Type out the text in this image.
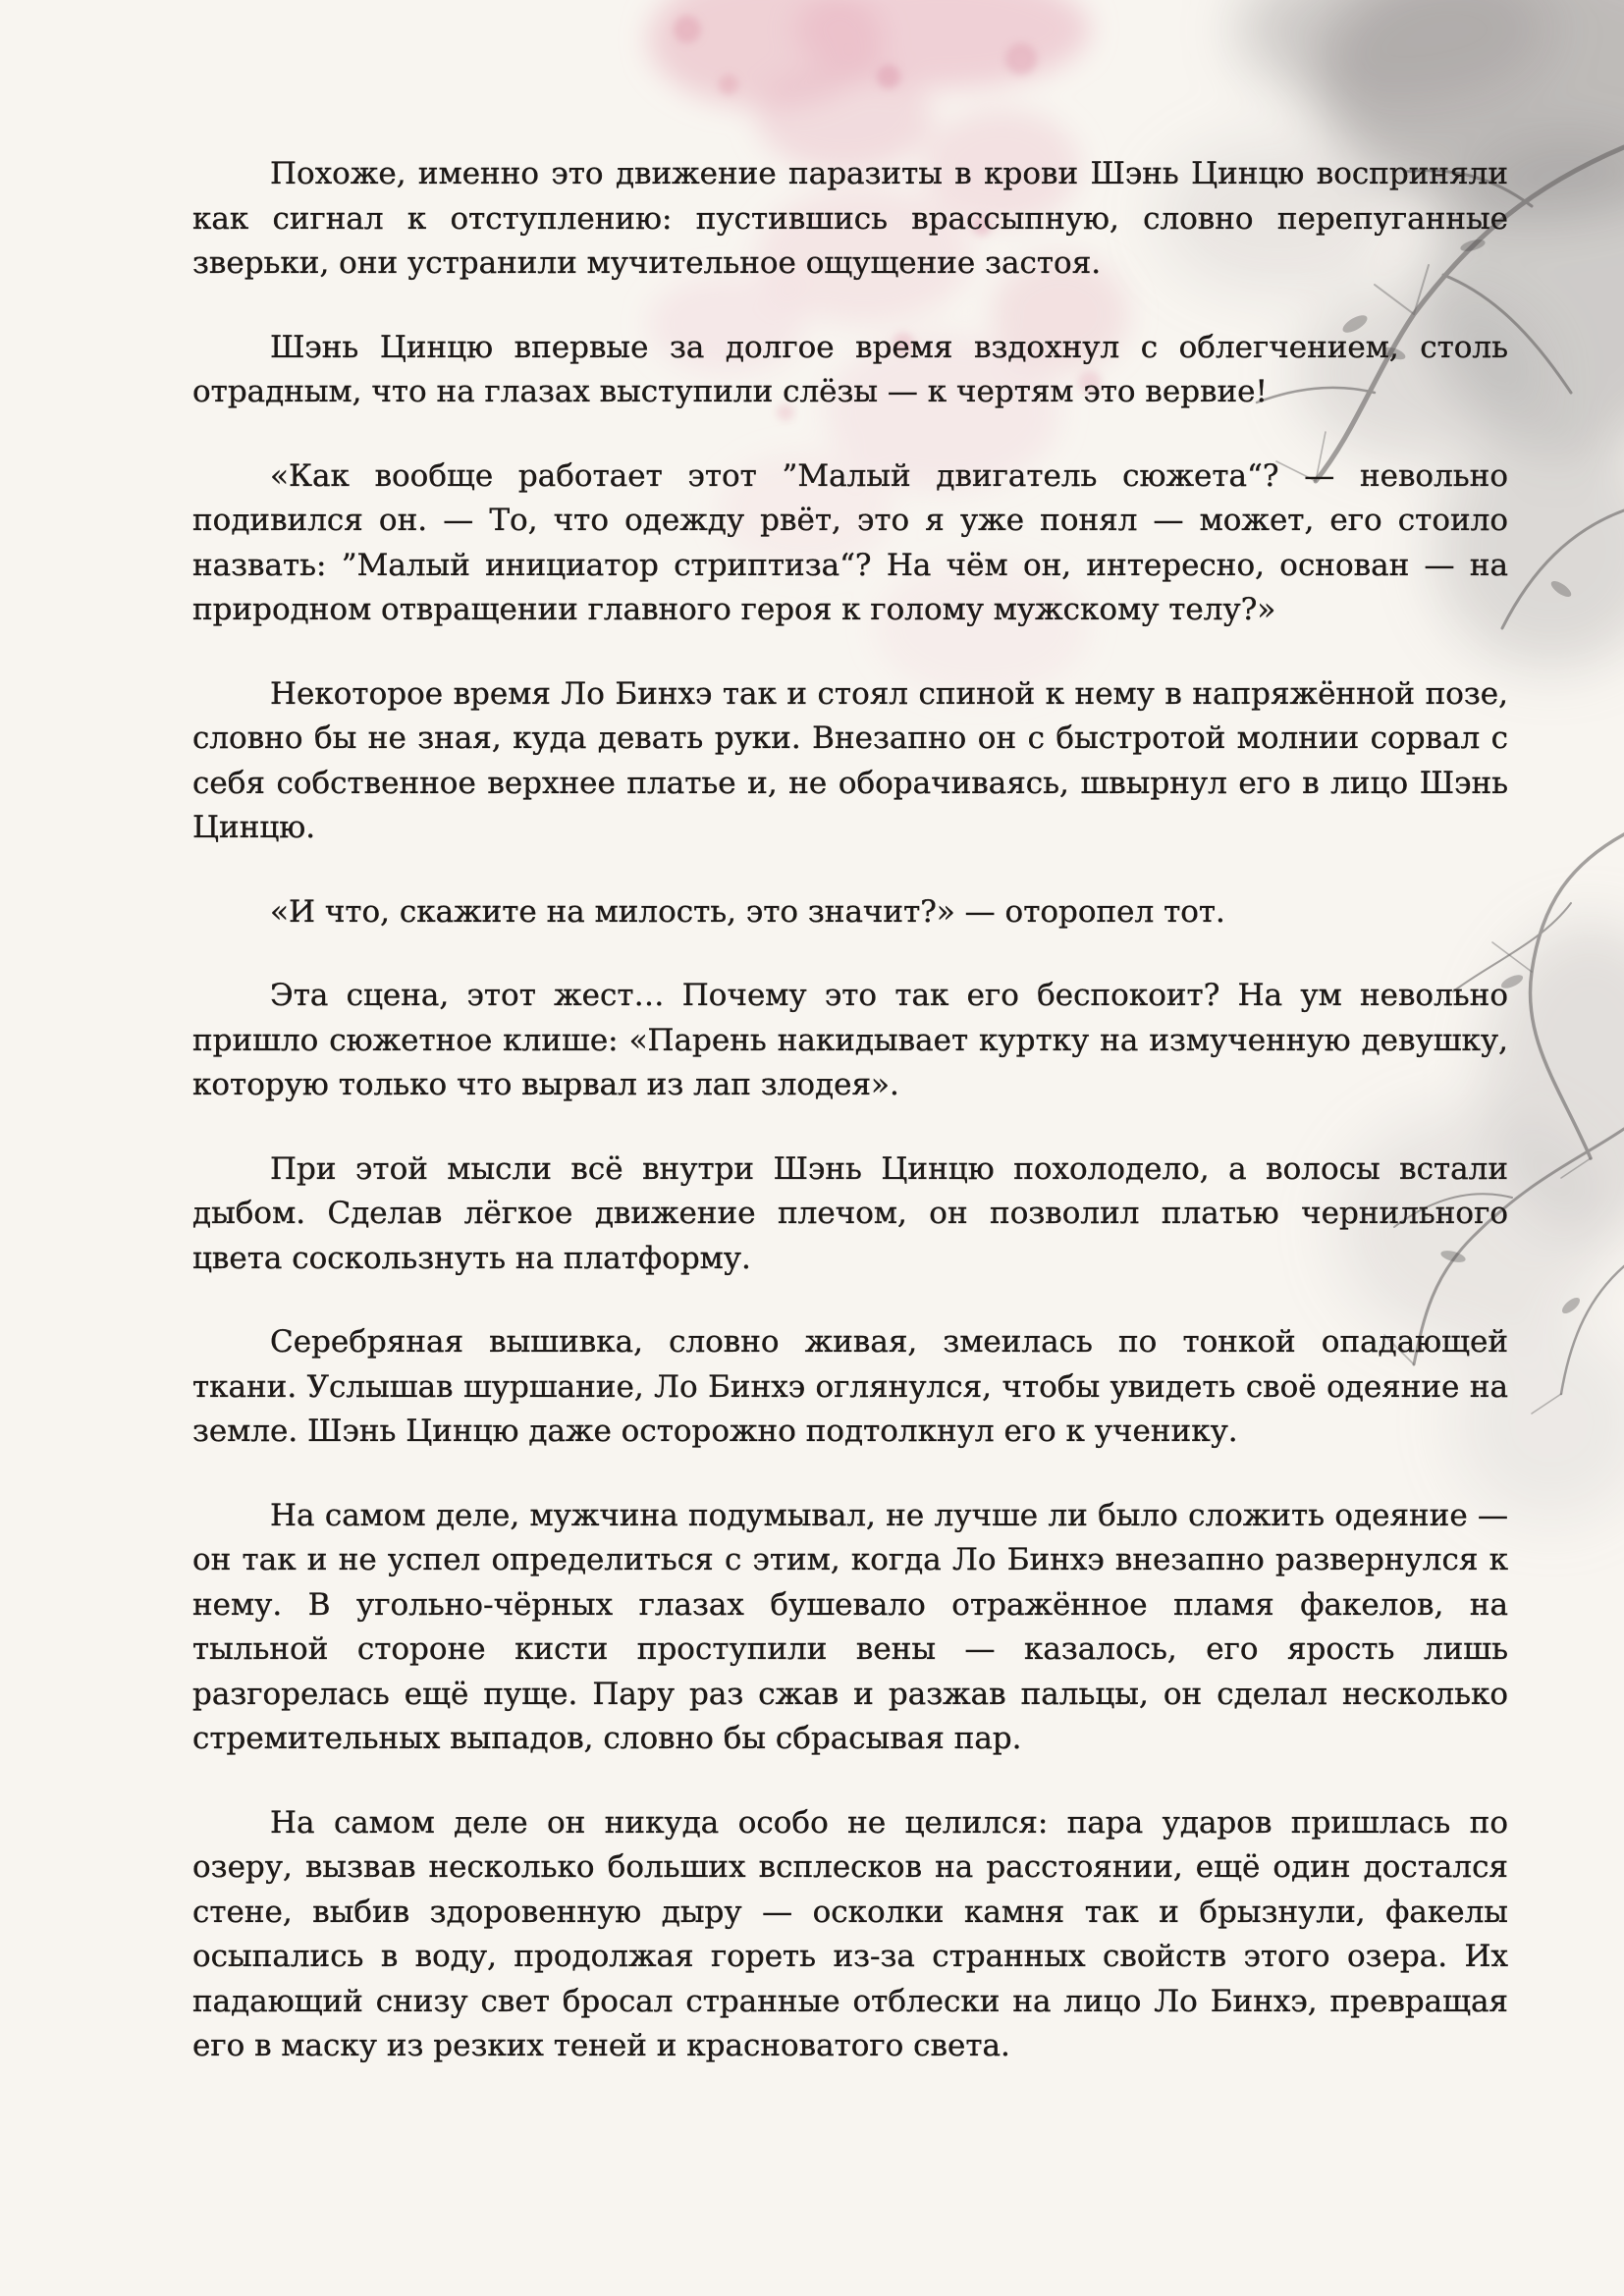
Похоже, именно это движение паразиты в крови Шэнь Цинцю восприняли как сигнал к отступлению: пустившись врассыпную, словно перепуганные зверьки, они устранили мучительное ощущение застоя.

Шэнь Цинцю впервые за долгое время вздохнул с облегчением, столь отрадным, что на глазах выступили слёзы — к чертям это вервие!

«Как вообще работает этот ”Малый двигатель сюжета“? — невольно подивился он. — То, что одежду рвёт, это я уже понял — может, его стоило назвать: ”Малый инициатор стриптиза“? На чём он, интересно, основан — на природном отвращении главного героя к голому мужскому телу?»

Некоторое время Ло Бинхэ так и стоял спиной к нему в напряжённой позе, словно бы не зная, куда девать руки. Внезапно он с быстротой молнии сорвал с себя собственное верхнее платье и, не оборачиваясь, швырнул его в лицо Шэнь Цинцю.

«И что, скажите на милость, это значит?» — оторопел тот.

Эта сцена, этот жест… Почему это так его беспокоит? На ум невольно пришло сюжетное клише: «Парень накидывает куртку на измученную девушку, которую только что вырвал из лап злодея».

При этой мысли всё внутри Шэнь Цинцю похолодело, а волосы встали дыбом. Сделав лёгкое движение плечом, он позволил платью чернильного цвета соскользнуть на платформу.

Серебряная вышивка, словно живая, змеилась по тонкой опадающей ткани. Услышав шуршание, Ло Бинхэ оглянулся, чтобы увидеть своё одеяние на земле. Шэнь Цинцю даже осторожно подтолкнул его к ученику.

На самом деле, мужчина подумывал, не лучше ли было сложить одеяние — он так и не успел определиться с этим, когда Ло Бинхэ внезапно развернулся к нему. В угольно-чёрных глазах бушевало отражённое пламя факелов, на тыльной стороне кисти проступили вены — казалось, его ярость лишь разгорелась ещё пуще. Пару раз сжав и разжав пальцы, он сделал несколько стремительных выпадов, словно бы сбрасывая пар.

На самом деле он никуда особо не целился: пара ударов пришлась по озеру, вызвав несколько больших всплесков на расстоянии, ещё один достался стене, выбив здоровенную дыру — осколки камня так и брызнули, факелы осыпались в воду, продолжая гореть из-за странных свойств этого озера. Их падающий снизу свет бросал странные отблески на лицо Ло Бинхэ, превращая его в маску из резких теней и красноватого света.
